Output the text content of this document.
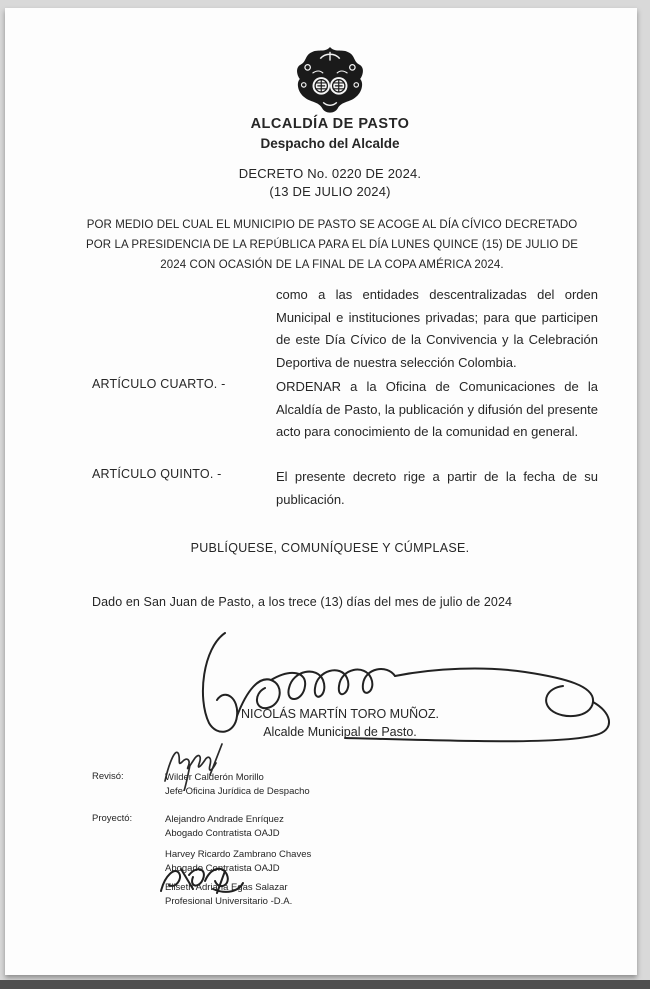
ALCALDÍA DE PASTO
Despacho del Alcalde
DECRETO No. 0220 DE 2024.
(13 DE JULIO 2024)
POR MEDIO DEL CUAL EL MUNICIPIO DE PASTO SE ACOGE AL DÍA CÍVICO DECRETADO POR LA PRESIDENCIA DE LA REPÚBLICA PARA EL DÍA LUNES QUINCE (15) DE JULIO DE 2024 CON OCASIÓN DE LA FINAL DE LA COPA AMÉRICA 2024.
como a las entidades descentralizadas del orden Municipal e instituciones privadas; para que participen de este Día Cívico de la Convivencia y la Celebración Deportiva de nuestra selección Colombia.
ARTÍCULO CUARTO. -	ORDENAR a la Oficina de Comunicaciones de la Alcaldía de Pasto, la publicación y difusión del presente acto para conocimiento de la comunidad en general.
ARTÍCULO QUINTO. -	El presente decreto rige a partir de la fecha de su publicación.
PUBLÍQUESE, COMUNÍQUESE Y CÚMPLASE.
Dado en San Juan de Pasto, a los trece (13) días del mes de julio de 2024
NICOLÁS MARTÍN TORO MUÑOZ.
Alcalde Municipal de Pasto.
Revisó:	Wilder Calderón Morillo
Jefe Oficina Jurídica de Despacho
Proyectó:	Alejandro Andrade Enríquez
Abogado Contratista OAJD
Harvey Ricardo Zambrano Chaves
Abogado Contratista OAJD
Eliseth Adriana Egas Salazar
Profesional Universitario -D.A.
